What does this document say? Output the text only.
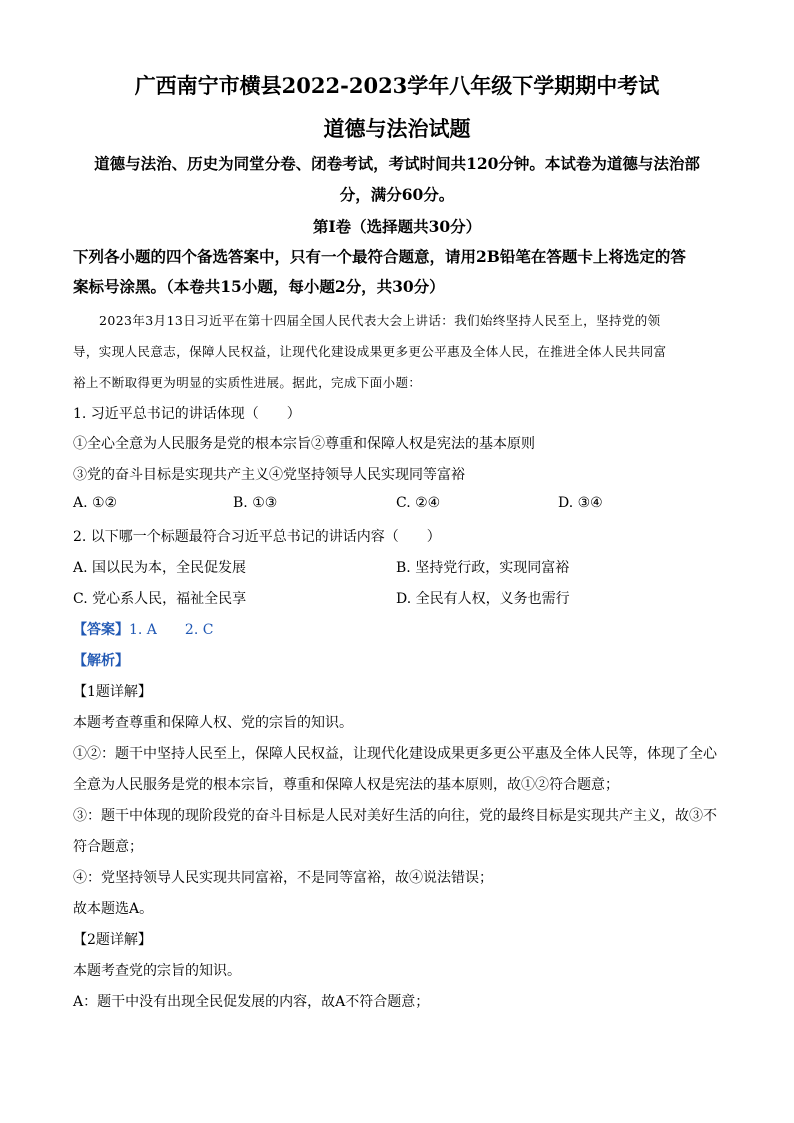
广西南宁市横县2022-2023学年八年级下学期期中考试
道德与法治试题
道德与法治、历史为同堂分卷、闭卷考试，考试时间共120分钟。本试卷为道德与法治部
分，满分60分。
第Ⅰ卷（选择题共30分）
下列各小题的四个备选答案中，只有一个最符合题意，请用2B铅笔在答题卡上将选定的答
案标号涂黑。（本卷共15小题，每小题2分，共30分）
2023年3月13日习近平在第十四届全国人民代表大会上讲话：我们始终坚持人民至上，坚持党的领
导，实现人民意志，保障人民权益，让现代化建设成果更多更公平惠及全体人民，在推进全体人民共同富
裕上不断取得更为明显的实质性进展。据此，完成下面小题：
1. 习近平总书记的讲话体现（　　）
①全心全意为人民服务是党的根本宗旨②尊重和保障人权是宪法的基本原则
③党的奋斗目标是实现共产主义④党坚持领导人民实现同等富裕
A. ①②	B. ①③	C. ②④	D. ③④
2. 以下哪一个标题最符合习近平总书记的讲话内容（　　）
A. 国以民为本，全民促发展	B. 坚持党行政，实现同富裕
C. 党心系人民，福祉全民享	D. 全民有人权，义务也需行
【答案】1. A　　2. C
【解析】
【1题详解】
本题考查尊重和保障人权、党的宗旨的知识。
①②：题干中坚持人民至上，保障人民权益，让现代化建设成果更多更公平惠及全体人民等，体现了全心
全意为人民服务是党的根本宗旨，尊重和保障人权是宪法的基本原则，故①②符合题意；
③：题干中体现的现阶段党的奋斗目标是人民对美好生活的向往，党的最终目标是实现共产主义，故③不
符合题意；
④：党坚持领导人民实现共同富裕，不是同等富裕，故④说法错误；
故本题选A。
【2题详解】
本题考查党的宗旨的知识。
A：题干中没有出现全民促发展的内容，故A不符合题意；
